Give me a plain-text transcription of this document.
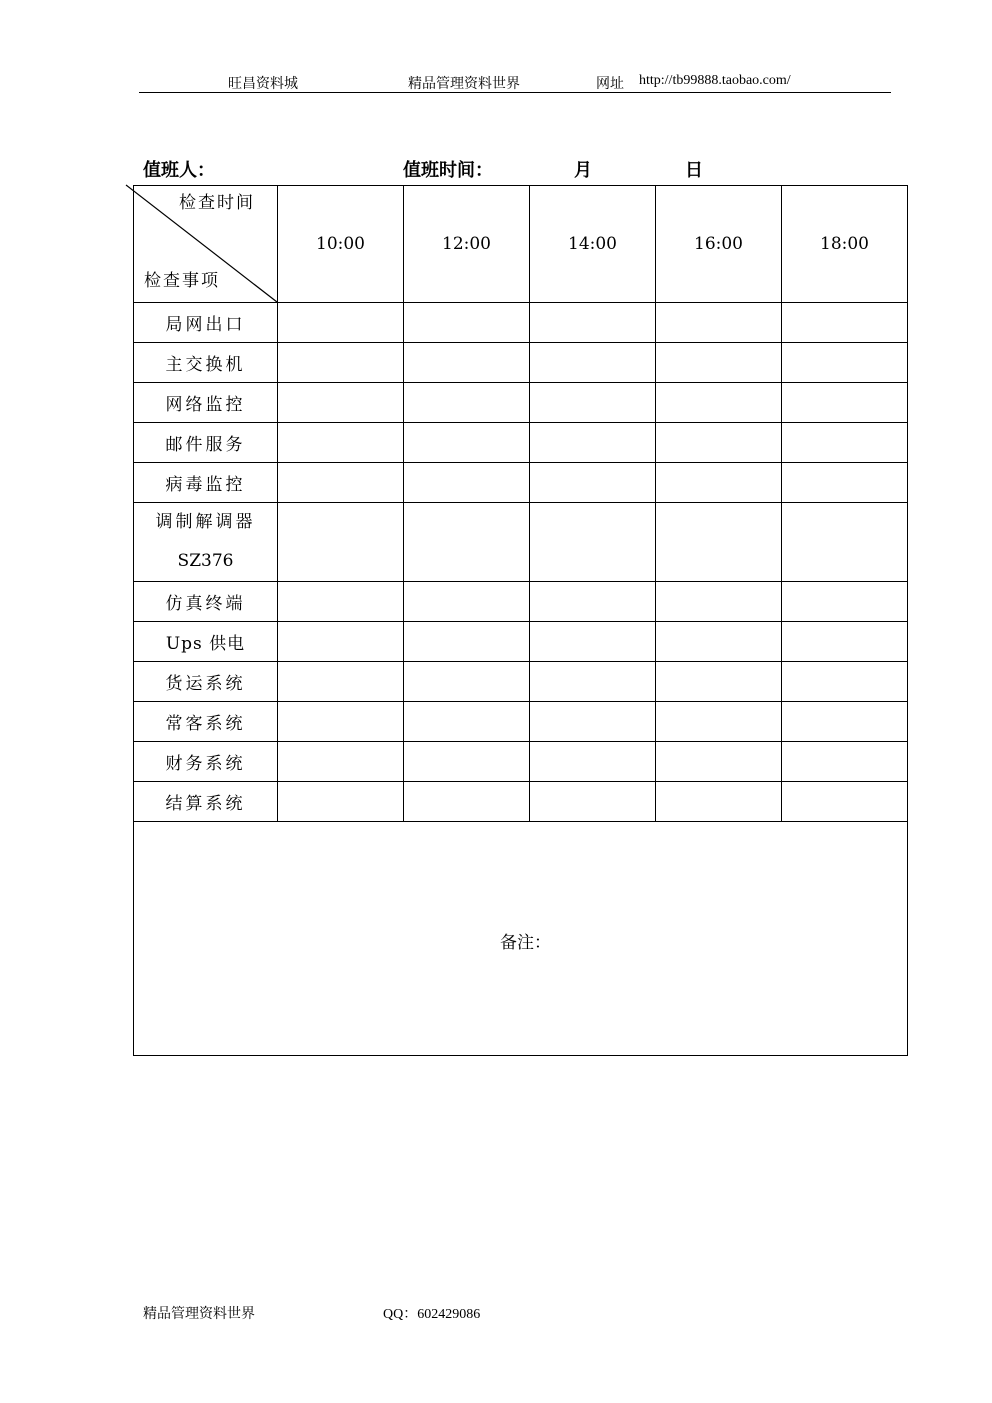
旺昌资料城	精品管理资料世界	网址 http://tb99888.taobao.com/
值班人：	值班时间：	月	日
检查时间
检查事项	10:00	12:00	14:00	16:00	18:00
局网出口					
主交换机					
网络监控					
邮件服务					
病毒监控					

调制解调器
SZ376					

仿真终端					
Ups 供电					
货运系统					
常客系统					
财务系统					
结算系统					

备注：					
精品管理资料世界	QQ：602429086
